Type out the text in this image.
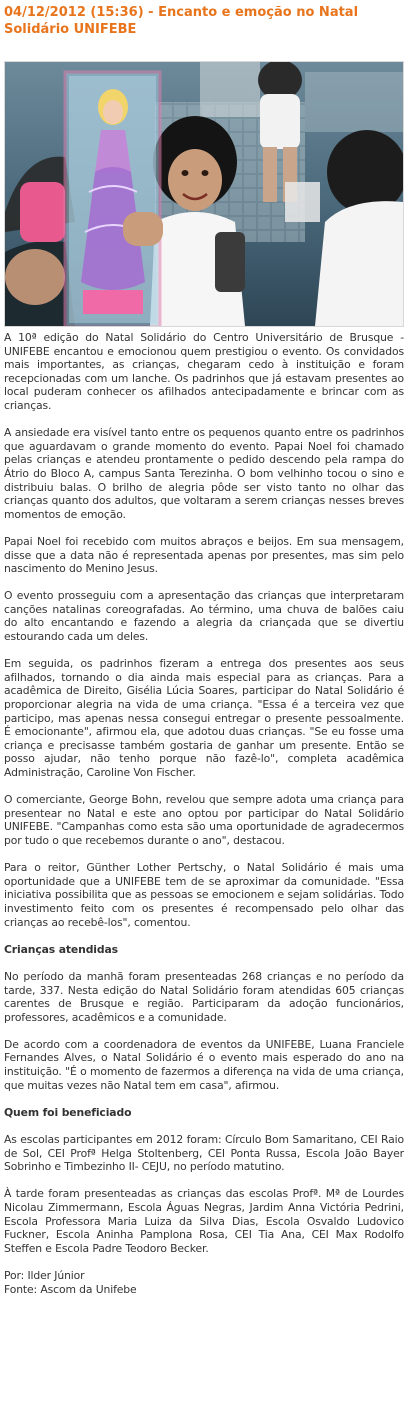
04/12/2012 (15:36) - Encanto e emoção no Natal Solidário UNIFEBE

A 10ª edição do Natal Solidário do Centro Universitário de Brusque - UNIFEBE encantou e emocionou quem prestigiou o evento. Os convidados mais importantes, as crianças, chegaram cedo à instituição e foram recepcionadas com um lanche. Os padrinhos que já estavam presentes ao local puderam conhecer os afilhados antecipadamente e brincar com as crianças.

A ansiedade era visível tanto entre os pequenos quanto entre os padrinhos que aguardavam o grande momento do evento. Papai Noel foi chamado pelas crianças e atendeu prontamente o pedido descendo pela rampa do Átrio do Bloco A, campus Santa Terezinha. O bom velhinho tocou o sino e distribuiu balas. O brilho de alegria pôde ser visto tanto no olhar das crianças quanto dos adultos, que voltaram a serem crianças nesses breves momentos de emoção.

Papai Noel foi recebido com muitos abraços e beijos. Em sua mensagem, disse que a data não é representada apenas por presentes, mas sim pelo nascimento do Menino Jesus.

O evento prosseguiu com a apresentação das crianças que interpretaram canções natalinas coreografadas. Ao término, uma chuva de balões caiu do alto encantando e fazendo a alegria da criançada que se divertiu estourando cada um deles.

Em seguida, os padrinhos fizeram a entrega dos presentes aos seus afilhados, tornando o dia ainda mais especial para as crianças. Para a acadêmica de Direito, Gisélia Lúcia Soares, participar do Natal Solidário é proporcionar alegria na vida de uma criança. "Essa é a terceira vez que participo, mas apenas nessa consegui entregar o presente pessoalmente. É emocionante", afirmou ela, que adotou duas crianças. "Se eu fosse uma criança e precisasse também gostaria de ganhar um presente. Então se posso ajudar, não tenho porque não fazê-lo", completa acadêmica Administração, Caroline Von Fischer.

O comerciante, George Bohn, revelou que sempre adota uma criança para presentear no Natal e este ano optou por participar do Natal Solidário UNIFEBE. "Campanhas como esta são uma oportunidade de agradecermos por tudo o que recebemos durante o ano", destacou.

Para o reitor, Günther Lother Pertschy, o Natal Solidário é mais uma oportunidade que a UNIFEBE tem de se aproximar da comunidade. "Essa iniciativa possibilita que as pessoas se emocionem e sejam solidárias. Todo investimento feito com os presentes é recompensado pelo olhar das crianças ao recebê-los", comentou.

Crianças atendidas

No período da manhã foram presenteadas 268 crianças e no período da tarde, 337. Nesta edição do Natal Solidário foram atendidas 605 crianças carentes de Brusque e região. Participaram da adoção funcionários, professores, acadêmicos e a comunidade.

De acordo com a coordenadora de eventos da UNIFEBE, Luana Franciele Fernandes Alves, o Natal Solidário é o evento mais esperado do ano na instituição. "É o momento de fazermos a diferença na vida de uma criança, que muitas vezes não Natal tem em casa", afirmou.

Quem foi beneficiado

As escolas participantes em 2012 foram: Círculo Bom Samaritano, CEI Raio de Sol, CEI Profª Helga Stoltenberg, CEI Ponta Russa, Escola João Bayer Sobrinho e Timbezinho II- CEJU, no período matutino.

À tarde foram presenteadas as crianças das escolas Profª. Mª de Lourdes Nicolau Zimmermann, Escola Águas Negras, Jardim Anna Victória Pedrini, Escola Professora Maria Luiza da Silva Dias, Escola Osvaldo Ludovico Fuckner, Escola Aninha Pamplona Rosa, CEI Tia Ana, CEI Max Rodolfo Steffen e Escola Padre Teodoro Becker.

Por: Ilder Júnior
Fonte: Ascom da Unifebe
